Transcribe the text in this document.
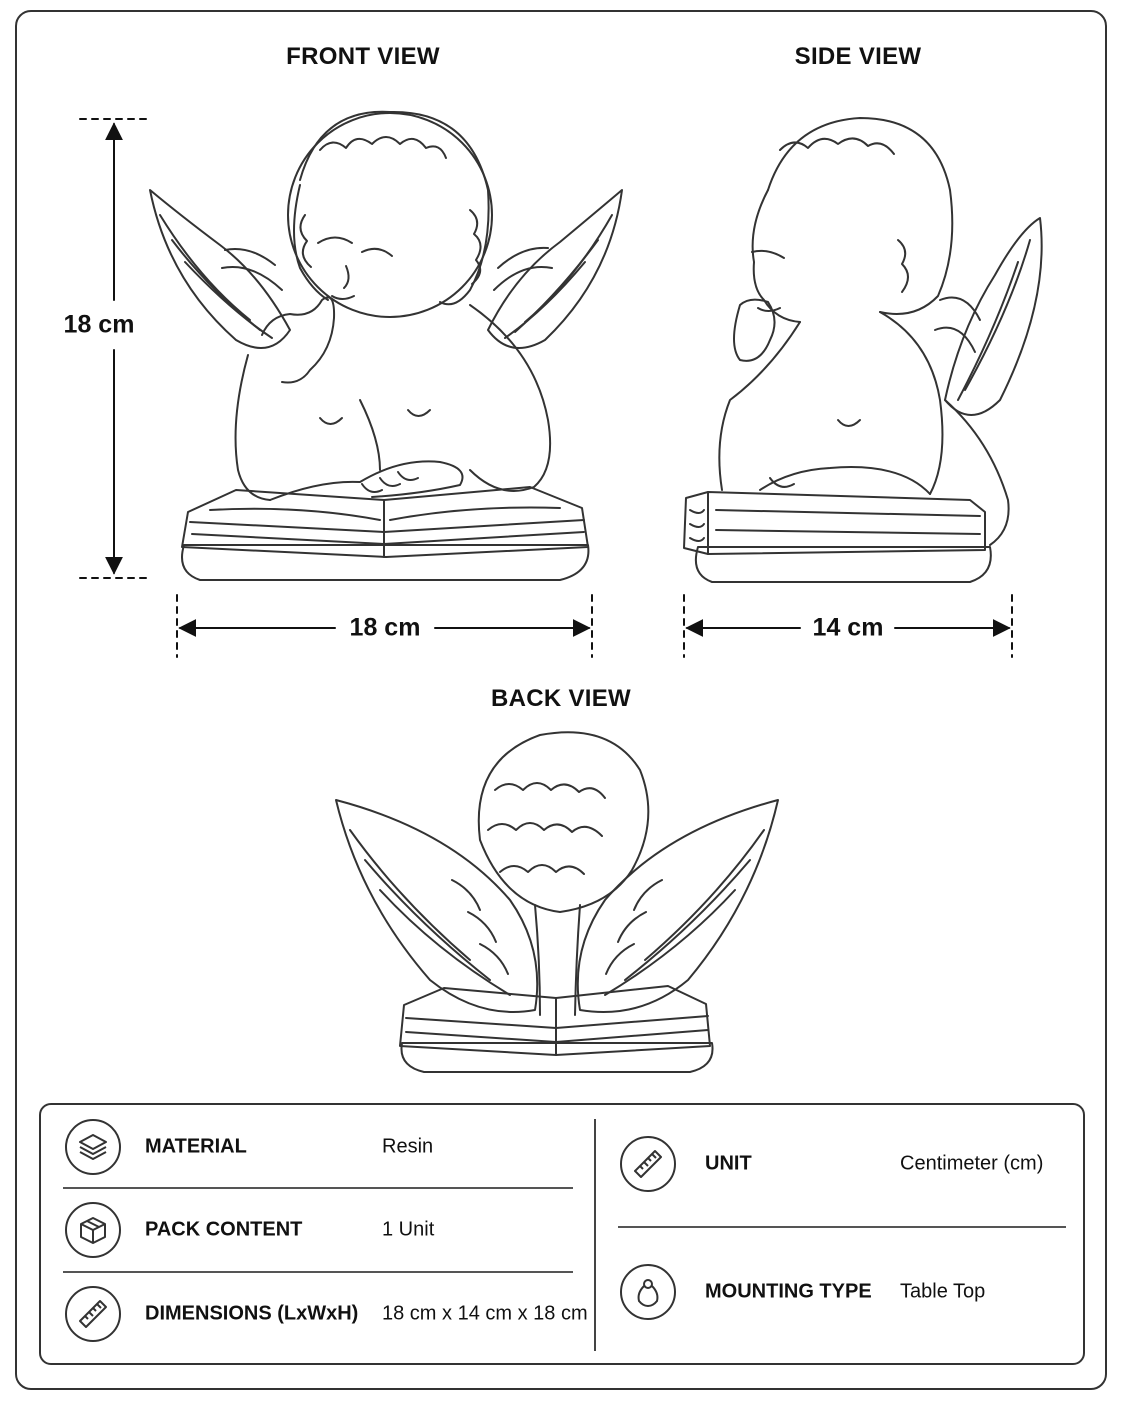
FRONT VIEW	SIDE VIEW
BACK VIEW
18 cm
18 cm	14 cm
MATERIAL	Resin
PACK CONTENT	1 Unit
DIMENSIONS (LxWxH) 18 cm x 14 cm x 18 cm
UNIT	Centimeter (cm)
MOUNTING TYPE Table Top
